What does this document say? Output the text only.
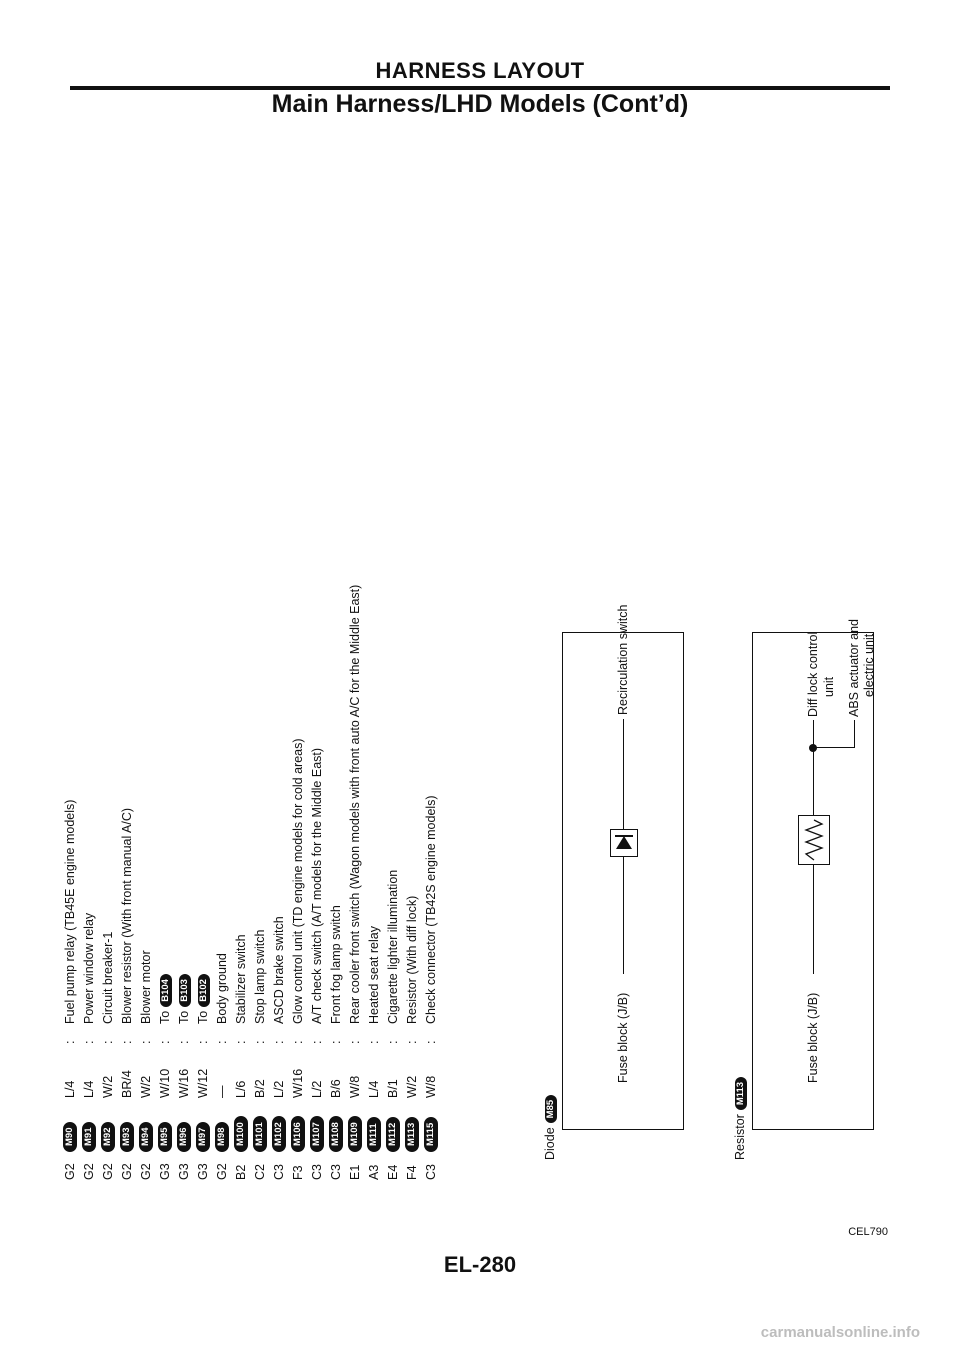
HARNESS LAYOUT
Main Harness/LHD Models (Cont’d)
G2
M90
L/4
:
Fuel pump relay (TB45E engine models)
G2
M91
L/4
:
Power window relay
G2
M92
W/2
:
Circuit breaker-1
G2
M93
BR/4
:
Blower resistor (With front manual A/C)
G2
M94
W/2
:
Blower motor
G3
M95
W/10
:
ToB104
G3
M96
W/16
:
ToB103
G3
M97
W/12
:
ToB102
G2
M98
—
:
Body ground
B2
M100
L/6
:
Stabilizer switch
C2
M101
B/2
:
Stop lamp switch
C3
M102
L/2
:
ASCD brake switch
F3
M106
W/16
:
Glow control unit (TD engine models for cold areas)
C3
M107
L/2
:
A/T check switch (A/T models for the Middle East)
C3
M108
B/6
:
Front fog lamp switch
E1
M109
W/8
:
Rear cooler front switch (Wagon models with front auto A/C for the Middle East)
A3
M111
L/4
:
Heated seat relay
E4
M112
B/1
:
Cigarette lighter illumination
F4
M113
W/2
:
Resistor (With diff lock)
C3
M115
W/8
:
Check connector (TB42S engine models)
DiodeM85
Fuse block (J/B)
Recirculation switch
ResistorM113
Fuse block (J/B)
Diff lock control unit ABS actuator and electric unit
CEL790
EL-280
carmanualsonline.info
